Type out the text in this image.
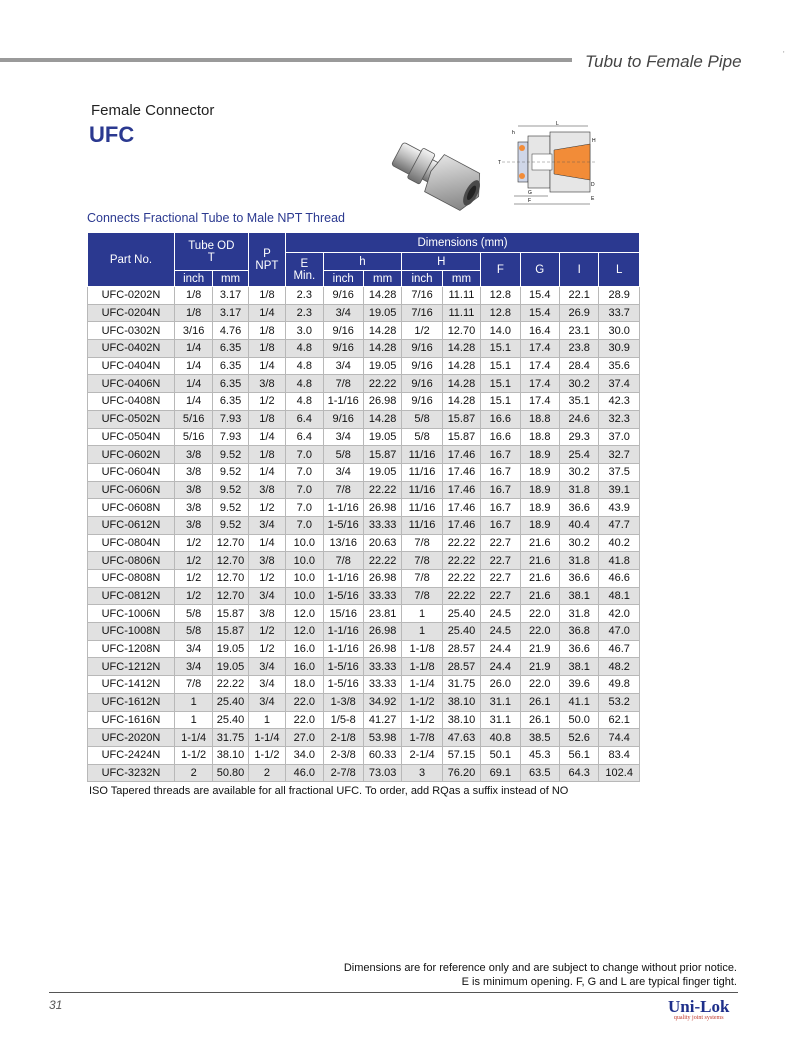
Tubu to Female Pipe	'
Female Connector
UFC	L
h
T
G
F	E
D
H
Connects Fractional Tube to Male NPT Thread
Part No.	Tube OD
T		P
NPT	Dimensions (mm)								
				E
Min.	h		H		F	G	I	L
	inch	mm			inch	mm	inch	mm				
UFC-0202N	1/8	3.17	1/8	2.3	9/16	14.28	7/16	11.11	12.8	15.4	22.1	28.9
UFC-0204N	1/8	3.17	1/4	2.3	3/4	19.05	7/16	11.11	12.8	15.4	26.9	33.7
UFC-0302N	3/16	4.76	1/8	3.0	9/16	14.28	1/2	12.70	14.0	16.4	23.1	30.0
UFC-0402N	1/4	6.35	1/8	4.8	9/16	14.28	9/16	14.28	15.1	17.4	23.8	30.9
UFC-0404N	1/4	6.35	1/4	4.8	3/4	19.05	9/16	14.28	15.1	17.4	28.4	35.6
UFC-0406N	1/4	6.35	3/8	4.8	7/8	22.22	9/16	14.28	15.1	17.4	30.2	37.4
UFC-0408N	1/4	6.35	1/2	4.8	1-1/16	26.98	9/16	14.28	15.1	17.4	35.1	42.3
UFC-0502N	5/16	7.93	1/8	6.4	9/16	14.28	5/8	15.87	16.6	18.8	24.6	32.3
UFC-0504N	5/16	7.93	1/4	6.4	3/4	19.05	5/8	15.87	16.6	18.8	29.3	37.0
UFC-0602N	3/8	9.52	1/8	7.0	5/8	15.87	11/16	17.46	16.7	18.9	25.4	32.7
UFC-0604N	3/8	9.52	1/4	7.0	3/4	19.05	11/16	17.46	16.7	18.9	30.2	37.5
UFC-0606N	3/8	9.52	3/8	7.0	7/8	22.22	11/16	17.46	16.7	18.9	31.8	39.1
UFC-0608N	3/8	9.52	1/2	7.0	1-1/16	26.98	11/16	17.46	16.7	18.9	36.6	43.9
UFC-0612N	3/8	9.52	3/4	7.0	1-5/16	33.33	11/16	17.46	16.7	18.9	40.4	47.7
UFC-0804N	1/2	12.70	1/4	10.0	13/16	20.63	7/8	22.22	22.7	21.6	30.2	40.2
UFC-0806N	1/2	12.70	3/8	10.0	7/8	22.22	7/8	22.22	22.7	21.6	31.8	41.8
UFC-0808N	1/2	12.70	1/2	10.0	1-1/16	26.98	7/8	22.22	22.7	21.6	36.6	46.6
UFC-0812N	1/2	12.70	3/4	10.0	1-5/16	33.33	7/8	22.22	22.7	21.6	38.1	48.1
UFC-1006N	5/8	15.87	3/8	12.0	15/16	23.81	1	25.40	24.5	22.0	31.8	42.0
UFC-1008N	5/8	15.87	1/2	12.0	1-1/16	26.98	1	25.40	24.5	22.0	36.8	47.0
UFC-1208N	3/4	19.05	1/2	16.0	1-1/16	26.98	1-1/8	28.57	24.4	21.9	36.6	46.7
UFC-1212N	3/4	19.05	3/4	16.0	1-5/16	33.33	1-1/8	28.57	24.4	21.9	38.1	48.2
UFC-1412N	7/8	22.22	3/4	18.0	1-5/16	33.33	1-1/4	31.75	26.0	22.0	39.6	49.8
UFC-1612N	1	25.40	3/4	22.0	1-3/8	34.92	1-1/2	38.10	31.1	26.1	41.1	53.2
UFC-1616N	1	25.40	1	22.0	1/5-8	41.27	1-1/2	38.10	31.1	26.1	50.0	62.1
UFC-2020N	1-1/4	31.75	1-1/4	27.0	2-1/8	53.98	1-7/8	47.63	40.8	38.5	52.6	74.4
UFC-2424N	1-1/2	38.10	1-1/2	34.0	2-3/8	60.33	2-1/4	57.15	50.1	45.3	56.1	83.4
UFC-3232N	2	50.80	2	46.0	2-7/8	73.03	3	76.20	69.1	63.5	64.3	102.4
ISO Tapered threads are available for all fractional UFC. To order, add RQas a suffix instead of NO
Dimensions are for reference only and are subject to change without prior notice.
E is minimum opening. F, G and L are typical finger tight.
31	Uni-Lok
quality joint systems
